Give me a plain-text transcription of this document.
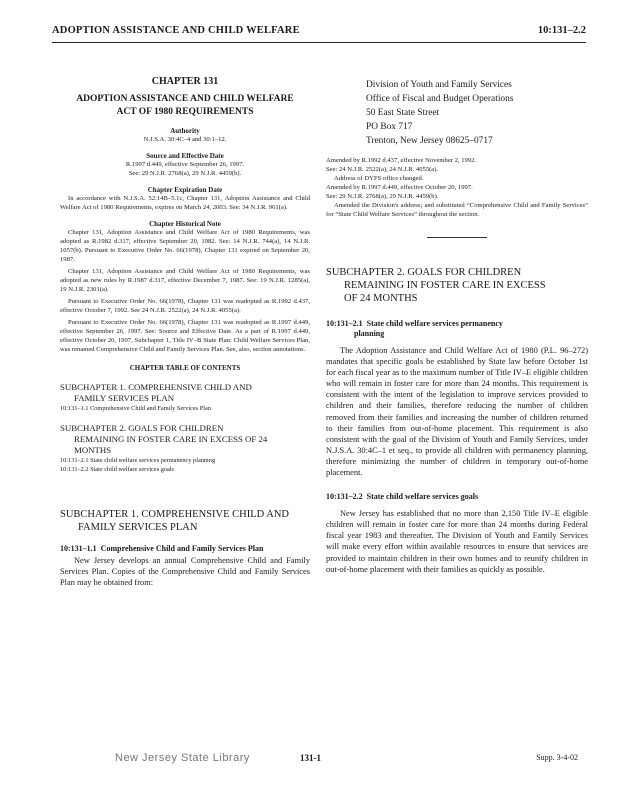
ADOPTION ASSISTANCE AND CHILD WELFARE	10:131–2.2
CHAPTER 131
ADOPTION ASSISTANCE AND CHILD WELFARE
ACT OF 1980 REQUIREMENTS
Authority
N.J.S.A. 30:4C–4 and 30:1–12.
Source and Effective Date
R.1997 d.449, effective September 26, 1997.
See: 29 N.J.R. 2768(a), 29 N.J.R. 4459(b).
Chapter Expiration Date

In accordance with N.J.S.A. 52:14B–5.1c, Chapter 131, Adoption Assistance and Child Welfare Act of 1980 Requirements, expires on March 24, 2003. See: 34 N.J.R. 961(a).

Chapter Historical Note

Chapter 131, Adoption Assistance and Child Welfare Act of 1980 Requirements, was adopted as R.1982 d.317, effective September 20, 1982. See: 14 N.J.R. 744(a), 14 N.J.R. 1057(b). Pursuant to Executive Order No. 66(1978), Chapter 131 expired on September 20, 1987.

Chapter 131, Adoption Assistance and Child Welfare Act of 1980 Requirements, was adopted as new rules by R.1987 d.317, effective December 7, 1987. See: 19 N.J.R. 1285(a), 19 N.J.R. 2301(a).

Pursuant to Executive Order No. 66(1978), Chapter 131 was readopted as R.1992 d.437, effective October 7, 1992. See 24 N.J.R. 2522(a), 24 N.J.R. 4055(a).

Pursuant to Executive Order No. 66(1978), Chapter 131 was readopted as R.1997 d.449, effective September 26, 1997. See: Source and Effective Date. As a part of R.1997 d.449, effective October 20, 1997, Subchapter 1, Title IV–B State Plan: Child Welfare Services Plan, was renamed Comprehensive Child and Family Services Plan. See, also, section annotations.

CHAPTER TABLE OF CONTENTS
SUBCHAPTER 1. COMPREHENSIVE CHILD AND
FAMILY SERVICES PLAN
10:131–1.1 Comprehensive Child and Family Services Plan
SUBCHAPTER 2. GOALS FOR CHILDREN
REMAINING IN FOSTER CARE IN EXCESS OF 24
MONTHS
10:131–2.1 State child welfare services permanency planning
10:131–2.2 State child welfare services goals
SUBCHAPTER 1. COMPREHENSIVE CHILD AND
FAMILY SERVICES PLAN
10:131–1.1 Comprehensive Child and Family Services Plan

New Jersey develops an annual Comprehensive Child and Family Services Plan. Copies of the Comprehensive Child and Family Services Plan may be obtained from:

Division of Youth and Family Services
Office of Fiscal and Budget Operations
50 East State Street
PO Box 717
Trenton, New Jersey 08625–0717
Amended by R.1992 d.437, effective November 2, 1992.
See: 24 N.J.R. 2522(a), 24 N.J.R. 4055(a).
Address of DYFS office changed.
Amended by R.1997 d.449, effective October 20, 1997.
See: 29 N.J.R. 2768(a), 29 N.J.R. 4459(b).

Amended the Division's address; and substituted “Comprehensive Child and Family Services” for “State Child Welfare Services” throughout the section.

SUBCHAPTER 2. GOALS FOR CHILDREN
REMAINING IN FOSTER CARE IN EXCESS
OF 24 MONTHS
10:131–2.1 State child welfare services permanency
planning

The Adoption Assistance and Child Welfare Act of 1980 (P.L. 96–272) mandates that specific goals be established by State law before October 1st for each fiscal year as to the maximum number of Title IV–E eligible children who will remain in foster care for more than 24 months. This requirement is consistent with the intent of the legislation to improve services provided to children and their families, therefore reducing the number of children removed from their families and increasing the number of children returned to their families from out-of-home placement. This requirement is also consistent with the goal of the Division of Youth and Family Services, under N.J.S.A. 30:4C–1 et seq., to provide all children with permanency planning, therefore minimizing the number of children in temporary out-of-home placement.

10:131–2.2 State child welfare services goals

New Jersey has established that no more than 2,150 Title IV–E eligible children will remain in foster care for more than 24 months during Federal fiscal year 1983 and thereafter. The Division of Youth and Family Services will make every effort within available resources to ensure that services are provided to maintain children in their own homes and to reunify children in out-of-home placement with their families as quickly as possible.

New Jersey State Library	131-1	Supp. 3-4-02
